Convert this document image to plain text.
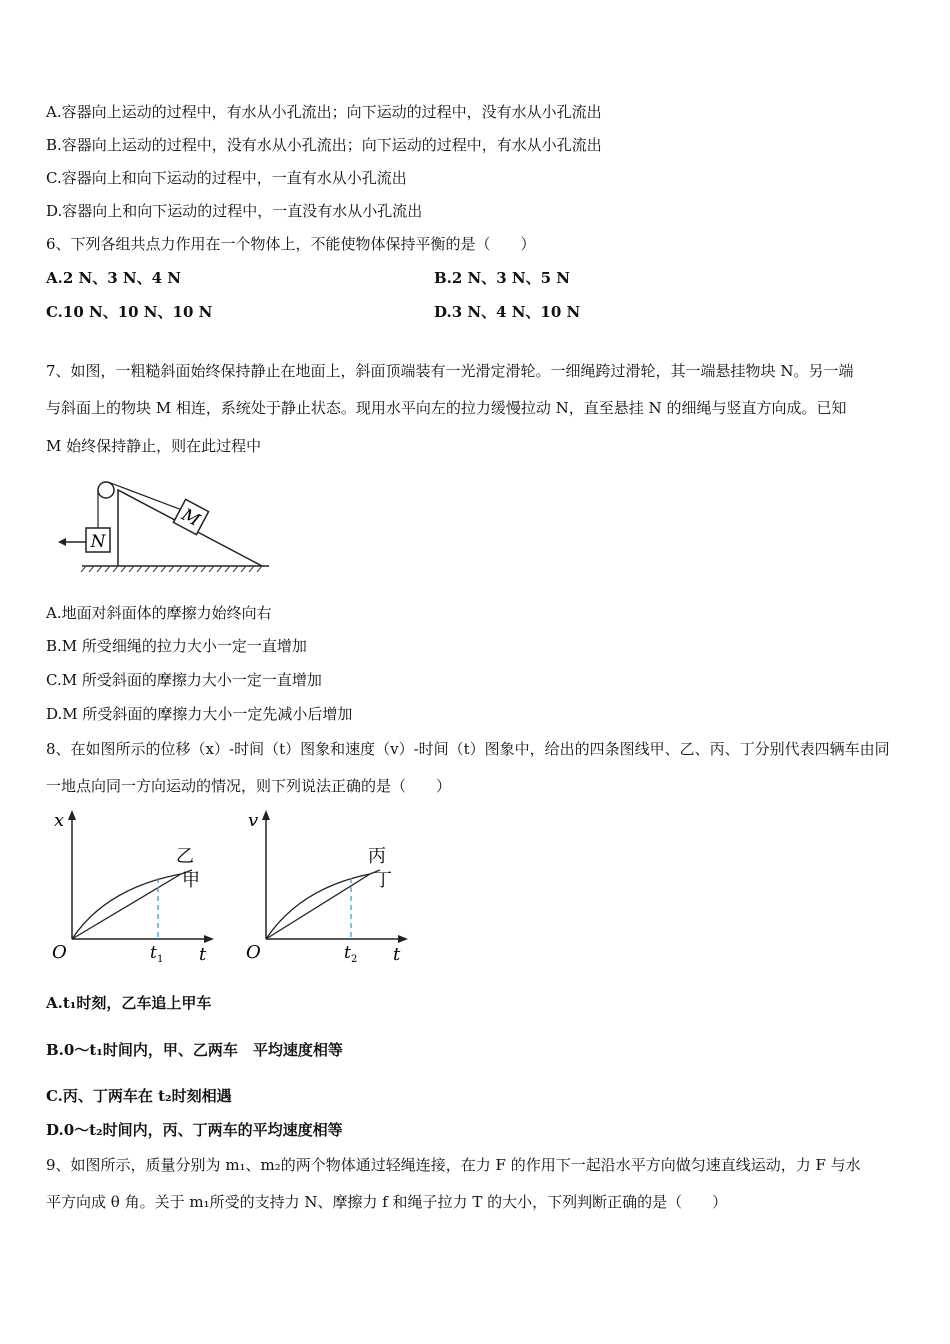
A.容器向上运动的过程中，有水从小孔流出；向下运动的过程中，没有水从小孔流出
B.容器向上运动的过程中，没有水从小孔流出；向下运动的过程中，有水从小孔流出
C.容器向上和向下运动的过程中，一直有水从小孔流出
D.容器向上和向下运动的过程中，一直没有水从小孔流出
6、下列各组共点力作用在一个物体上，不能使物体保持平衡的是（　　）
A.2 N、3 N、4 N	B.2 N、3 N、5 N
C.10 N、10 N、10 N	D.3 N、4 N、10 N
7、如图，一粗糙斜面始终保持静止在地面上，斜面顶端装有一光滑定滑轮。一细绳跨过滑轮，其一端悬挂物块 N。另一端
与斜面上的物块 M 相连，系统处于静止状态。现用水平向左的拉力缓慢拉动 N，直至悬挂 N 的细绳与竖直方向成。已知
M 始终保持静止，则在此过程中
M
N
A.地面对斜面体的摩擦力始终向右
B.M 所受细绳的拉力大小一定一直增加
C.M 所受斜面的摩擦力大小一定一直增加
D.M 所受斜面的摩擦力大小一定先减小后增加
8、在如图所示的位移（x）-时间（t）图象和速度（v）-时间（t）图象中，给出的四条图线甲、乙、丙、丁分别代表四辆车由同
一地点向同一方向运动的情况，则下列说法正确的是（　　）
x
t
O	t 1
乙
甲
v
t
O	t 2
丙
丁
A.t₁时刻，乙车追上甲车
B.0～t₁时间内，甲、乙两车　平均速度相等
C.丙、丁两车在 t₂时刻相遇
D.0～t₂时间内，丙、丁两车的平均速度相等
9、如图所示，质量分别为 m₁、m₂的两个物体通过轻绳连接，在力 F 的作用下一起沿水平方向做匀速直线运动，力 F 与水
平方向成 θ 角。关于 m₁所受的支持力 N、摩擦力 f 和绳子拉力 T 的大小，下列判断正确的是（　　）
